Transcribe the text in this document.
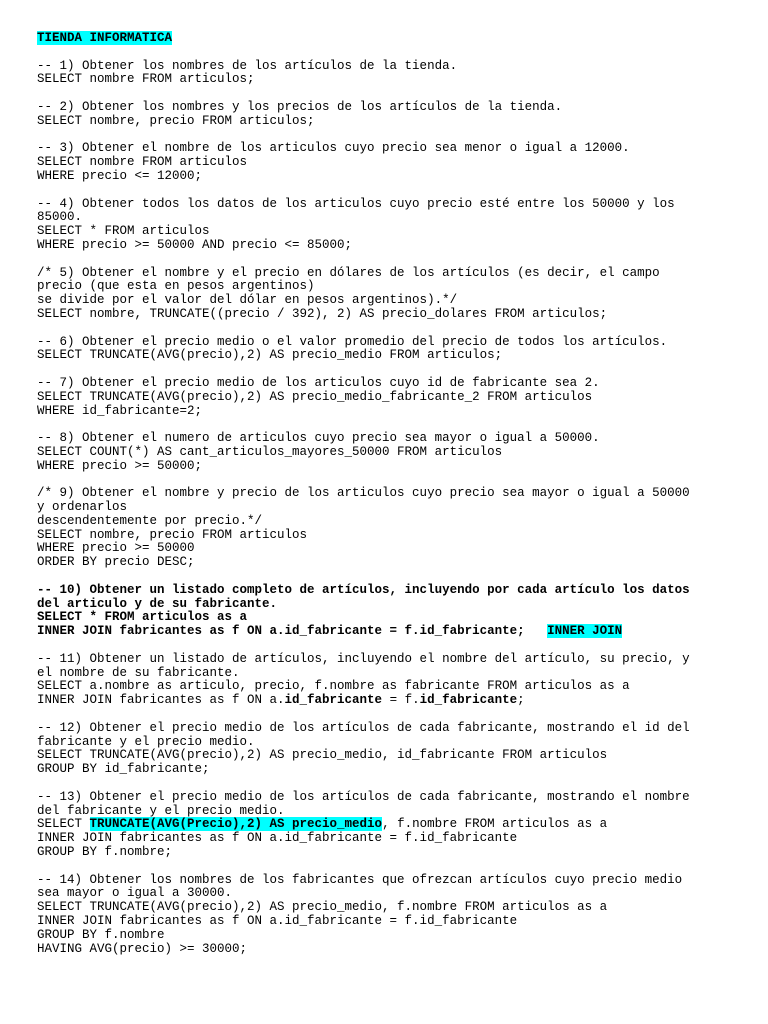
TIENDA INFORMATICA
-- 1) Obtener los nombres de los artículos de la tienda.
SELECT nombre FROM articulos;
-- 2) Obtener los nombres y los precios de los artículos de la tienda.
SELECT nombre, precio FROM articulos;
-- 3) Obtener el nombre de los articulos cuyo precio sea menor o igual a 12000.
SELECT nombre FROM articulos
WHERE precio <= 12000;
-- 4) Obtener todos los datos de los articulos cuyo precio esté entre los 50000 y los
85000.
SELECT * FROM articulos
WHERE precio >= 50000 AND precio <= 85000;
/* 5) Obtener el nombre y el precio en dólares de los artículos (es decir, el campo
precio (que esta en pesos argentinos)
se divide por el valor del dólar en pesos argentinos).*/
SELECT nombre, TRUNCATE((precio / 392), 2) AS precio_dolares FROM articulos;
-- 6) Obtener el precio medio o el valor promedio del precio de todos los artículos.
SELECT TRUNCATE(AVG(precio),2) AS precio_medio FROM articulos;
-- 7) Obtener el precio medio de los articulos cuyo id de fabricante sea 2.
SELECT TRUNCATE(AVG(precio),2) AS precio_medio_fabricante_2 FROM articulos
WHERE id_fabricante=2;
-- 8) Obtener el numero de articulos cuyo precio sea mayor o igual a 50000.
SELECT COUNT(*) AS cant_articulos_mayores_50000 FROM articulos
WHERE precio >= 50000;
/* 9) Obtener el nombre y precio de los articulos cuyo precio sea mayor o igual a 50000
y ordenarlos
descendentemente por precio.*/
SELECT nombre, precio FROM articulos
WHERE precio >= 50000
ORDER BY precio DESC;
-- 10) Obtener un listado completo de artículos, incluyendo por cada artículo los datos
del articulo y de su fabricante.
SELECT * FROM articulos as a
INNER JOIN fabricantes as f ON a.id_fabricante = f.id_fabricante; INNER JOIN
-- 11) Obtener un listado de artículos, incluyendo el nombre del artículo, su precio, y
el nombre de su fabricante.
SELECT a.nombre as articulo, precio, f.nombre as fabricante FROM articulos as a
INNER JOIN fabricantes as f ON a.id_fabricante = f.id_fabricante;
-- 12) Obtener el precio medio de los artículos de cada fabricante, mostrando el id del
fabricante y el precio medio.
SELECT TRUNCATE(AVG(precio),2) AS precio_medio, id_fabricante FROM articulos
GROUP BY id_fabricante;
-- 13) Obtener el precio medio de los artículos de cada fabricante, mostrando el nombre
del fabricante y el precio medio.
SELECT TRUNCATE(AVG(Precio),2) AS precio_medio, f.nombre FROM articulos as a
INNER JOIN fabricantes as f ON a.id_fabricante = f.id_fabricante
GROUP BY f.nombre;
-- 14) Obtener los nombres de los fabricantes que ofrezcan artículos cuyo precio medio
sea mayor o igual a 30000.
SELECT TRUNCATE(AVG(precio),2) AS precio_medio, f.nombre FROM articulos as a
INNER JOIN fabricantes as f ON a.id_fabricante = f.id_fabricante
GROUP BY f.nombre
HAVING AVG(precio) >= 30000;
